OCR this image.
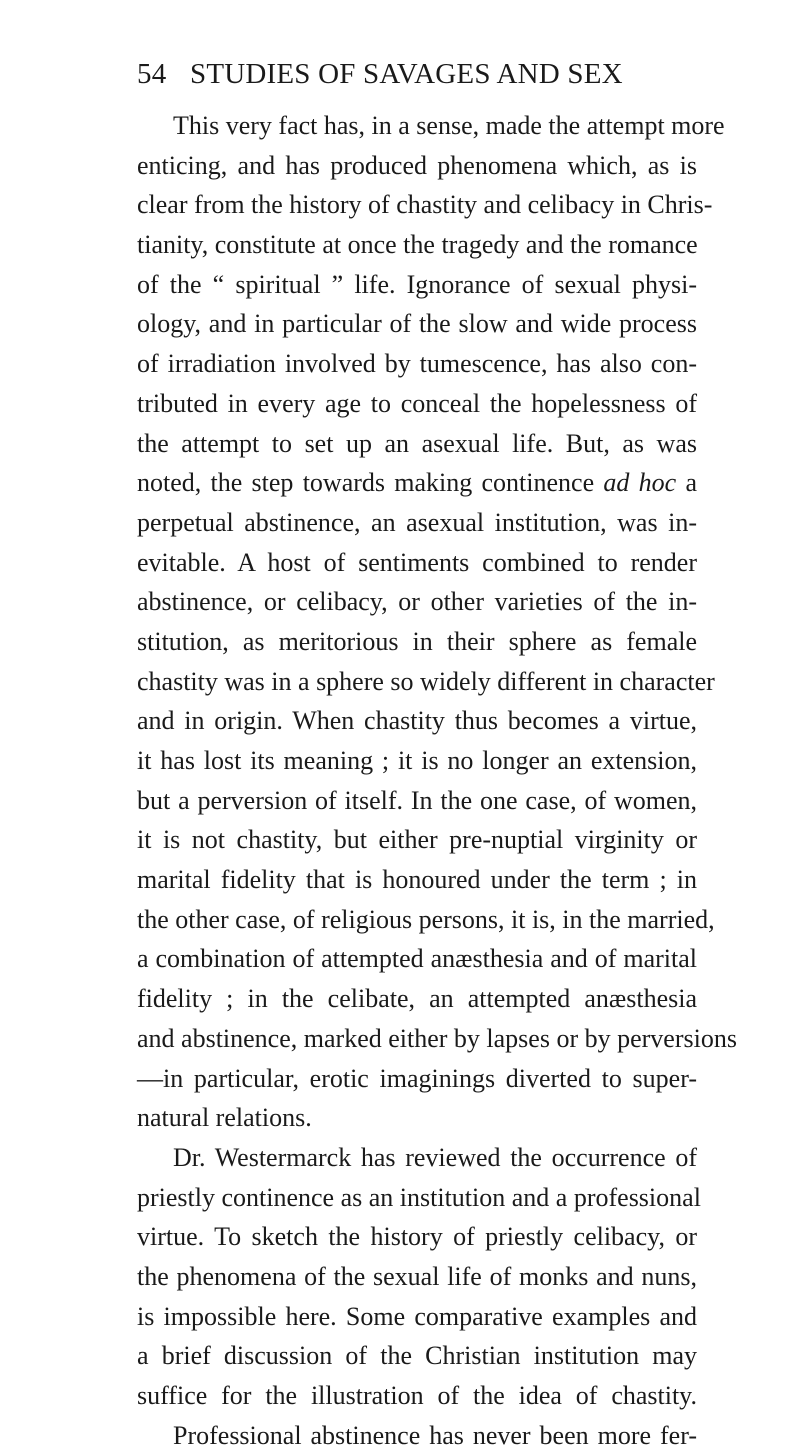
54 STUDIES OF SAVAGES AND SEX
This very fact has, in a sense, made the attempt more
enticing, and has produced phenomena which, as is
clear from the history of chastity and celibacy in Chris-
tianity, constitute at once the tragedy and the romance
of the “ spiritual ” life. Ignorance of sexual physi-
ology, and in particular of the slow and wide process
of irradiation involved by tumescence, has also con-
tributed in every age to conceal the hopelessness of
the attempt to set up an asexual life. But, as was
noted, the step towards making continence ad hoc a
perpetual abstinence, an asexual institution, was in-
evitable. A host of sentiments combined to render
abstinence, or celibacy, or other varieties of the in-
stitution, as meritorious in their sphere as female
chastity was in a sphere so widely different in character
and in origin. When chastity thus becomes a virtue,
it has lost its meaning ; it is no longer an extension,
but a perversion of itself. In the one case, of women,
it is not chastity, but either pre-nuptial virginity or
marital fidelity that is honoured under the term ; in
the other case, of religious persons, it is, in the married,
a combination of attempted anæsthesia and of marital
fidelity ; in the celibate, an attempted anæsthesia
and abstinence, marked either by lapses or by perversions
—in particular, erotic imaginings diverted to super-
natural relations.
Dr. Westermarck has reviewed the occurrence of
priestly continence as an institution and a professional
virtue. To sketch the history of priestly celibacy, or
the phenomena of the sexual life of monks and nuns,
is impossible here. Some comparative examples and
a brief discussion of the Christian institution may
suffice for the illustration of the idea of chastity.
Professional abstinence has never been more fer-
